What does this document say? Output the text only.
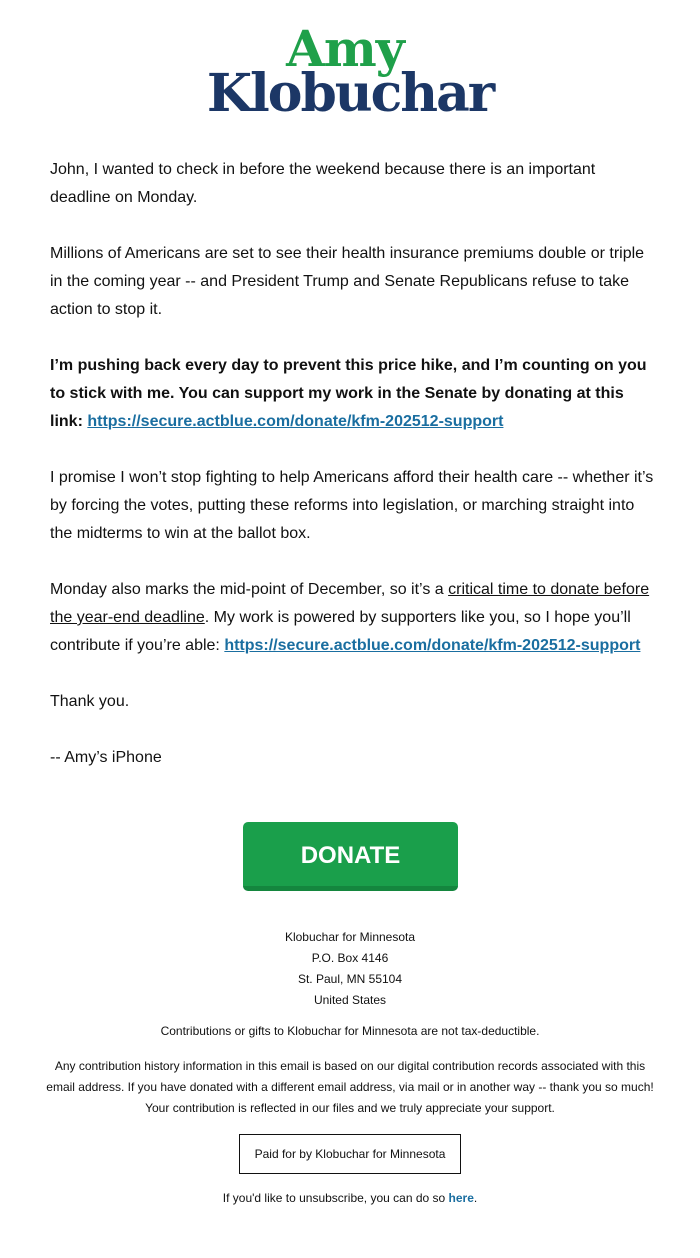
Amy
Klobuchar

John, I wanted to check in before the weekend because there is an important deadline on Monday.

Millions of Americans are set to see their health insurance premiums double or triple in the coming year -- and President Trump and Senate Republicans refuse to take action to stop it.

I’m pushing back every day to prevent this price hike, and I’m counting on you to stick with me. You can support my work in the Senate by donating at this link: https://secure.actblue.com/donate/kfm-202512-support

I promise I won’t stop fighting to help Americans afford their health care -- whether it’s by forcing the votes, putting these reforms into legislation, or marching straight into the midterms to win at the ballot box.

Monday also marks the mid-point of December, so it’s a critical time to donate before the year-end deadline. My work is powered by supporters like you, so I hope you’ll contribute if you’re able: https://secure.actblue.com/donate/kfm-202512-support

Thank you.

-- Amy’s iPhone

DONATE
Klobuchar for Minnesota
P.O. Box 4146
St. Paul, MN 55104
United States
Contributions or gifts to Klobuchar for Minnesota are not tax-deductible.
Any contribution history information in this email is based on our digital contribution records associated with this email address. If you have donated with a different email address, via mail or in another way -- thank you so much! Your contribution is reflected in our files and we truly appreciate your support.
Paid for by Klobuchar for Minnesota
If you'd like to unsubscribe, you can do so here.
